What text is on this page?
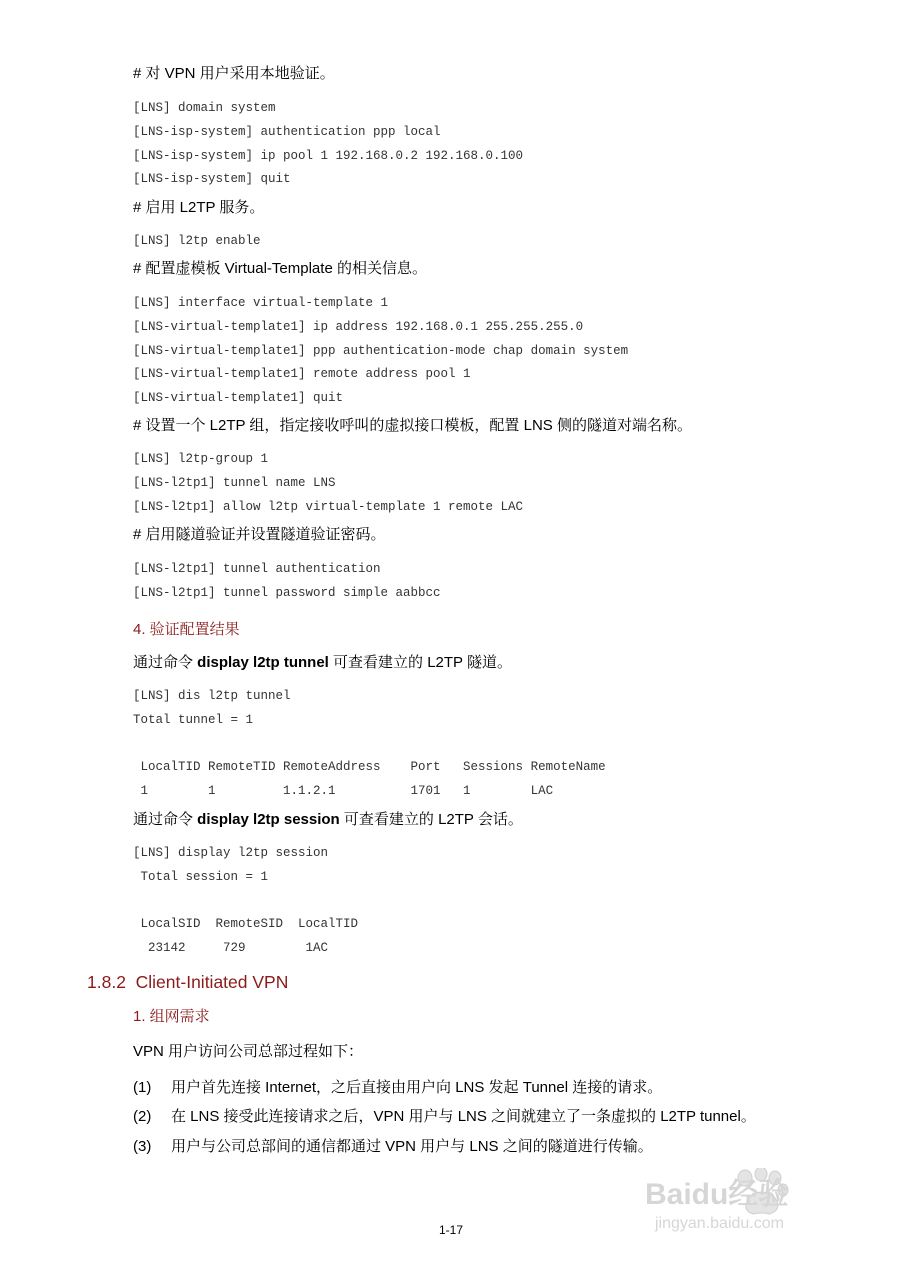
# 对 VPN 用户采用本地验证。
[LNS] domain system
[LNS-isp-system] authentication ppp local
[LNS-isp-system] ip pool 1 192.168.0.2 192.168.0.100
[LNS-isp-system] quit
# 启用 L2TP 服务。
[LNS] l2tp enable
# 配置虚模板 Virtual-Template 的相关信息。
[LNS] interface virtual-template 1
[LNS-virtual-template1] ip address 192.168.0.1 255.255.255.0
[LNS-virtual-template1] ppp authentication-mode chap domain system
[LNS-virtual-template1] remote address pool 1
[LNS-virtual-template1] quit
# 设置一个 L2TP 组，指定接收呼叫的虚拟接口模板，配置 LNS 侧的隧道对端名称。
[LNS] l2tp-group 1
[LNS-l2tp1] tunnel name LNS
[LNS-l2tp1] allow l2tp virtual-template 1 remote LAC
# 启用隧道验证并设置隧道验证密码。
[LNS-l2tp1] tunnel authentication
[LNS-l2tp1] tunnel password simple aabbcc
4. 验证配置结果
通过命令 display l2tp tunnel 可查看建立的 L2TP 隧道。
[LNS] dis l2tp tunnel
Total tunnel = 1
LocalTID RemoteTID RemoteAddress    Port   Sessions RemoteName
1        1         1.1.2.1          1701   1        LAC
通过命令 display l2tp session 可查看建立的 L2TP 会话。
[LNS] display l2tp session
Total session = 1
LocalSID  RemoteSID  LocalTID
23142     729        1AC
1.8.2  Client-Initiated VPN
1. 组网需求
VPN 用户访问公司总部过程如下：
(1) 用户首先连接 Internet，之后直接由用户向 LNS 发起 Tunnel 连接的请求。
(2) 在 LNS 接受此连接请求之后，VPN 用户与 LNS 之间就建立了一条虚拟的 L2TP tunnel。
(3) 用户与公司总部间的通信都通过 VPN 用户与 LNS 之间的隧道进行传输。

Baidu经验
jingyan.baidu.com
1-17
